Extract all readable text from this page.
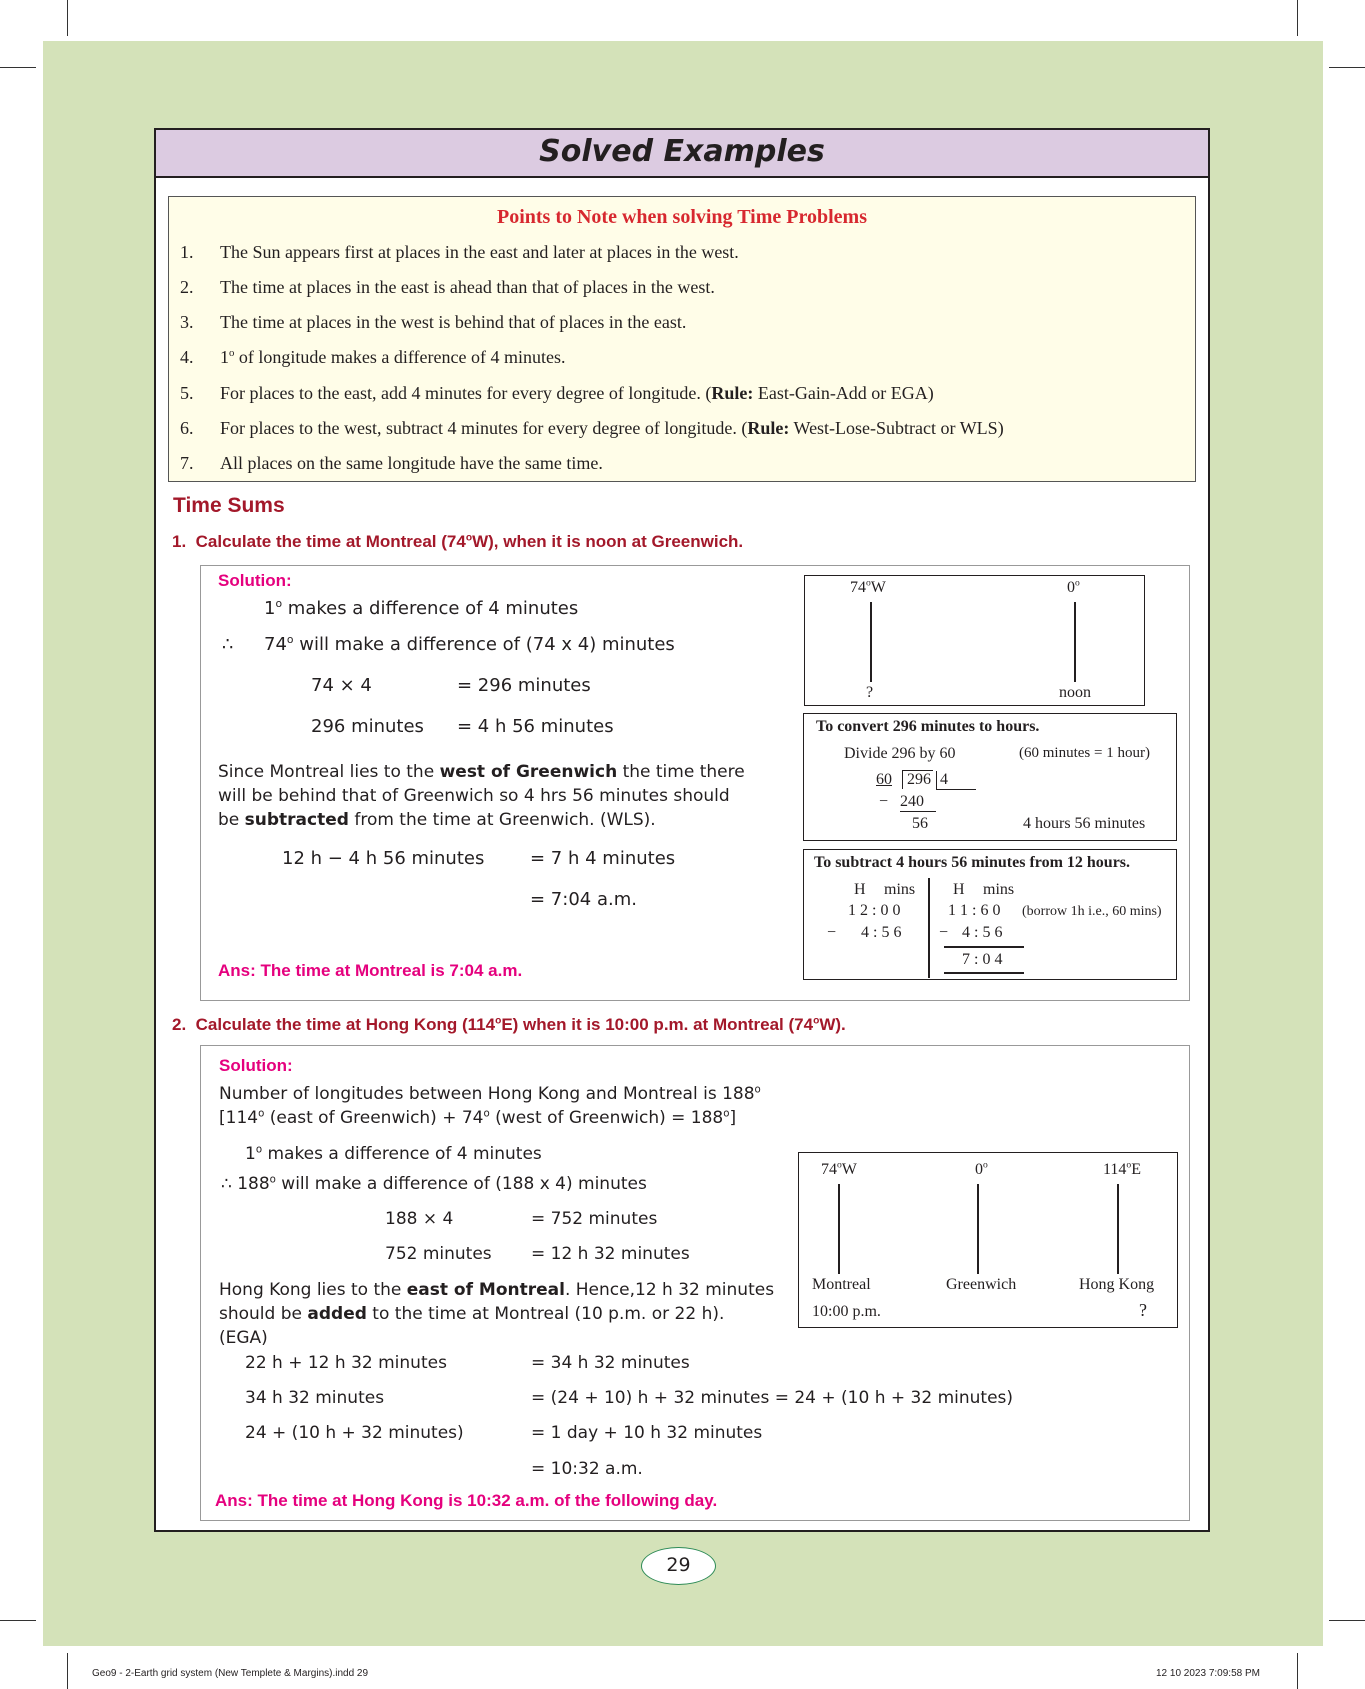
Solved Examples
Points to Note when solving Time Problems
1. The Sun appears first at places in the east and later at places in the west.
2. The time at places in the east is ahead than that of places in the west.
3. The time at places in the west is behind that of places in the east.
4. 1$^o$ of longitude makes a difference of 4 minutes.
5. For places to the east, add 4 minutes for every degree of longitude. (Rule: East-Gain-Add or EGA)
6. For places to the west, subtract 4 minutes for every degree of longitude. (Rule: West-Lose-Subtract or WLS)
7. All places on the same longitude have the same time.
Time Sums
1. Calculate the time at Montreal (74$^o$W), when it is noon at Greenwich.
Solution:
1$^o$ makes a difference of 4 minutes
∴ 74$^o$ will make a difference of (74 x 4) minutes
74 × 4	= 296 minutes
296 minutes = 4 h 56 minutes
Since Montreal lies to the west of Greenwich the time there
will be behind that of Greenwich so 4 hrs 56 minutes should
be subtracted from the time at Greenwich. (WLS).
12 h − 4 h 56 minutes	= 7 h 4 minutes
= 7:04 a.m.
Ans: The time at Montreal is 7:04 a.m.
74$^o$W	0$^o$
?	noon
To convert 296 minutes to hours.
Divide 296 by 60	(60 minutes = 1 hour)
60 296 4
− 240
56	4 hours 56 minutes
To subtract 4 hours 56 minutes from 12 hours.
H mins
1 2 : 0 0
− 4 : 5 6
H mins
1 1 : 6 0 (borrow 1h i.e., 60 mins)
− 4 : 5 6
7 : 0 4
2. Calculate the time at Hong Kong (114$^o$E) when it is 10:00 p.m. at Montreal (74$^o$W).
Solution:
Number of longitudes between Hong Kong and Montreal is 188$^o$
[114$^o$ (east of Greenwich) + $74^o$ (west of Greenwich) = $188^o$]
1$^o$ makes a difference of 4 minutes
∴ 188$^o$ will make a difference of (188 x 4) minutes
188 × 4	= 752 minutes
752 minutes = 12 h 32 minutes
Hong Kong lies to the east of Montreal. Hence,12 h 32 minutes
should be added to the time at Montreal (10 p.m. or 22 h).
(EGA)
22 h + 12 h 32 minutes	= 34 h 32 minutes
34 h 32 minutes	= (24 + 10) h + 32 minutes = 24 + (10 h + 32 minutes)
24 + (10 h + 32 minutes)	= 1 day + 10 h 32 minutes
= 10:32 a.m.
Ans: The time at Hong Kong is 10:32 a.m. of the following day.
74$^o$W	0$^o$	114$^o$E
Montreal	Greenwich	Hong Kong
10:00 p.m.	?
29
Geo9 - 2-Earth grid system (New Templete & Margins).indd 29	12 10 2023 7:09:58 PM
